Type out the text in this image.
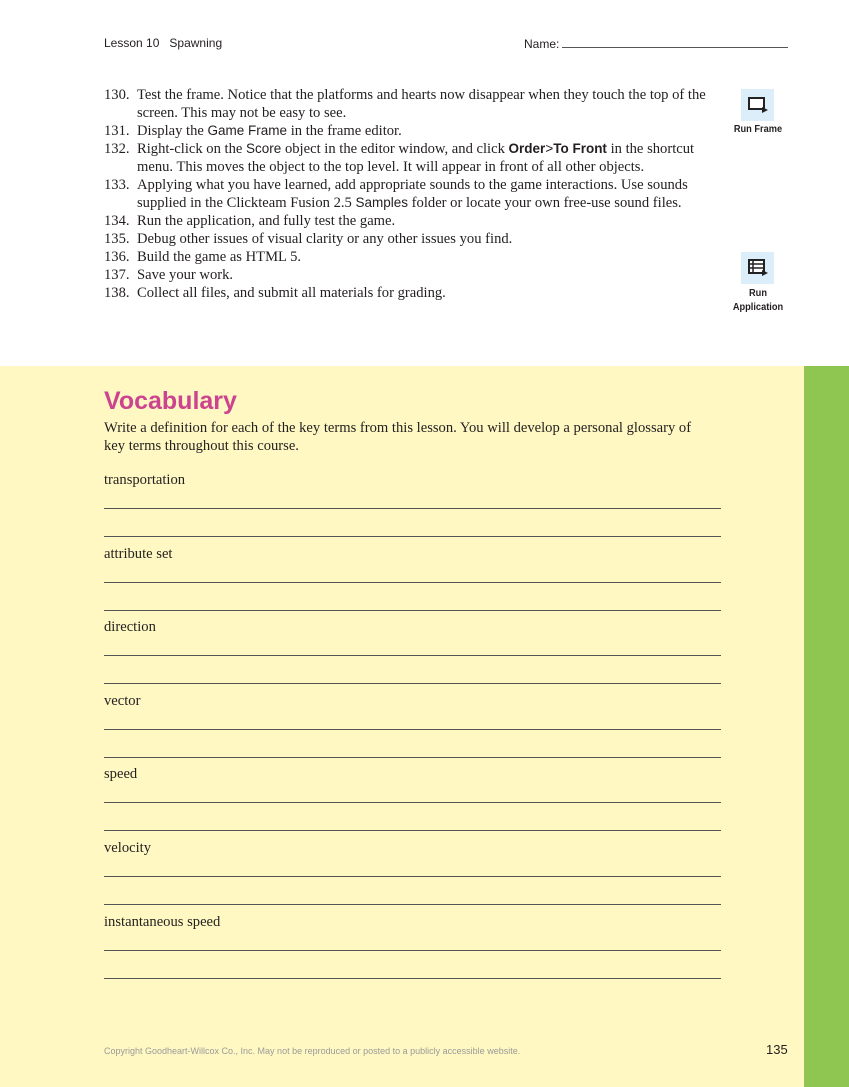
Lesson 10 Spawning	Name:
130. Test the frame. Notice that the platforms and hearts now disappear when they touch the top of the screen. This may not be easy to see.
131. Display the Game Frame in the frame editor.
132. Right-click on the Score object in the editor window, and click Order>To Front in the shortcut menu. This moves the object to the top level. It will appear in front of all other objects.
133. Applying what you have learned, add appropriate sounds to the game interactions. Use sounds supplied in the Clickteam Fusion 2.5 Samples folder or locate your own free-use sound files.
134. Run the application, and fully test the game.
135. Debug other issues of visual clarity or any other issues you find.
136. Build the game as HTML 5.
137. Save your work.
138. Collect all files, and submit all materials for grading.
Run Frame
Run
Application
Vocabulary
Write a definition for each of the key terms from this lesson. You will develop a personal glossary of key terms throughout this course.
transportation
attribute set
direction
vector
speed
velocity
instantaneous speed
Copyright Goodheart-Willcox Co., Inc. May not be reproduced or posted to a publicly accessible website.	135
